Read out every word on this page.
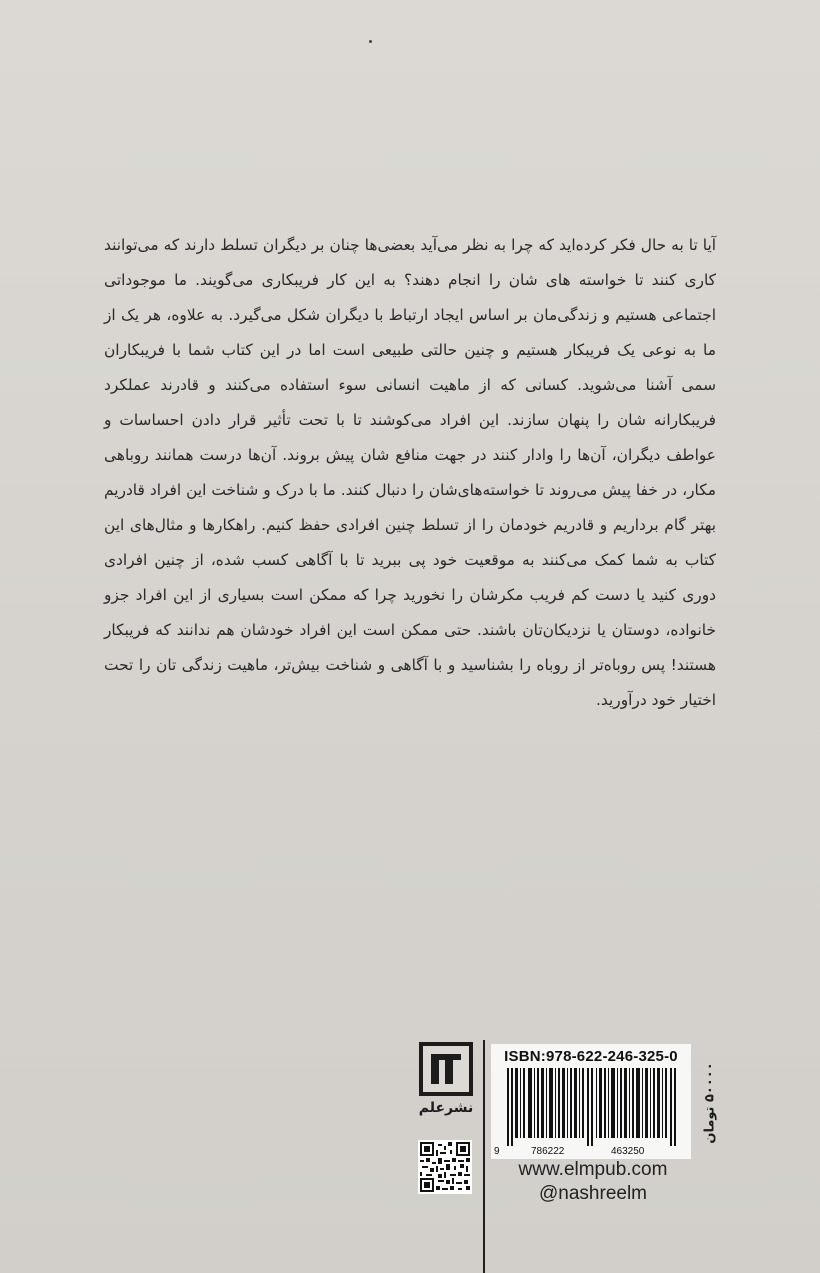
آیا تا به حال فکر کرده‌اید که چرا به نظر می‌آید بعضی‌ها چنان بر دیگران تسلط دارند که می‌توانند کاری کنند تا خواسته‌ های شان را انجام دهند؟ به این کار فریبکاری می‌گویند. ما موجوداتی اجتماعی هستیم و زندگی‌مان بر اساس ایجاد ارتباط با دیگران شکل می‌گیرد. به علاوه، هر یک از ما به نوعی یک فریبکار هستیم و چنین حالتی طبیعی است اما در این کتاب شما با فریبکاران سمی آشنا می‌شوید. کسانی که از ماهیت انسانی سوء استفاده می‌کنند و قادرند عملکرد فریبکارانه شان را پنهان سازند. این افراد می‌کوشند تا با تحت تأثیر قرار دادن احساسات و عواطف دیگران، آن‌ها را وادار کنند در جهت منافع شان پیش بروند. آن‌ها درست همانند روباهی مکار، در خفا پیش می‌روند تا خواسته‌های‌شان را دنبال کنند. ما با درک و شناخت این افراد قادریم بهتر گام برداریم و قادریم خودمان را از تسلط چنین افرادی حفظ کنیم. راهکارها و مثال‌های این کتاب به شما کمک می‌کنند به موقعیت خود پی ببرید تا با آگاهی کسب شده، از چنین افرادی دوری کنید یا دست کم فریب مکرشان را نخورید چرا که ممکن است بسیاری از این افراد جزو خانواده، دوستان یا نزدیکان‌تان باشند. حتی ممکن است این افراد خودشان هم ندانند که فریبکار هستند! پس روباه‌تر از روباه را بشناسید و با آگاهی و شناخت بیش‌تر، ماهیت زندگی تان را تحت اختیار خود درآورید.

نشرعلم
ISBN:978-622-246-325-0
9	786222	463250
www.elmpub.com
@nashreelm
۵۰۰۰۰ تومان
